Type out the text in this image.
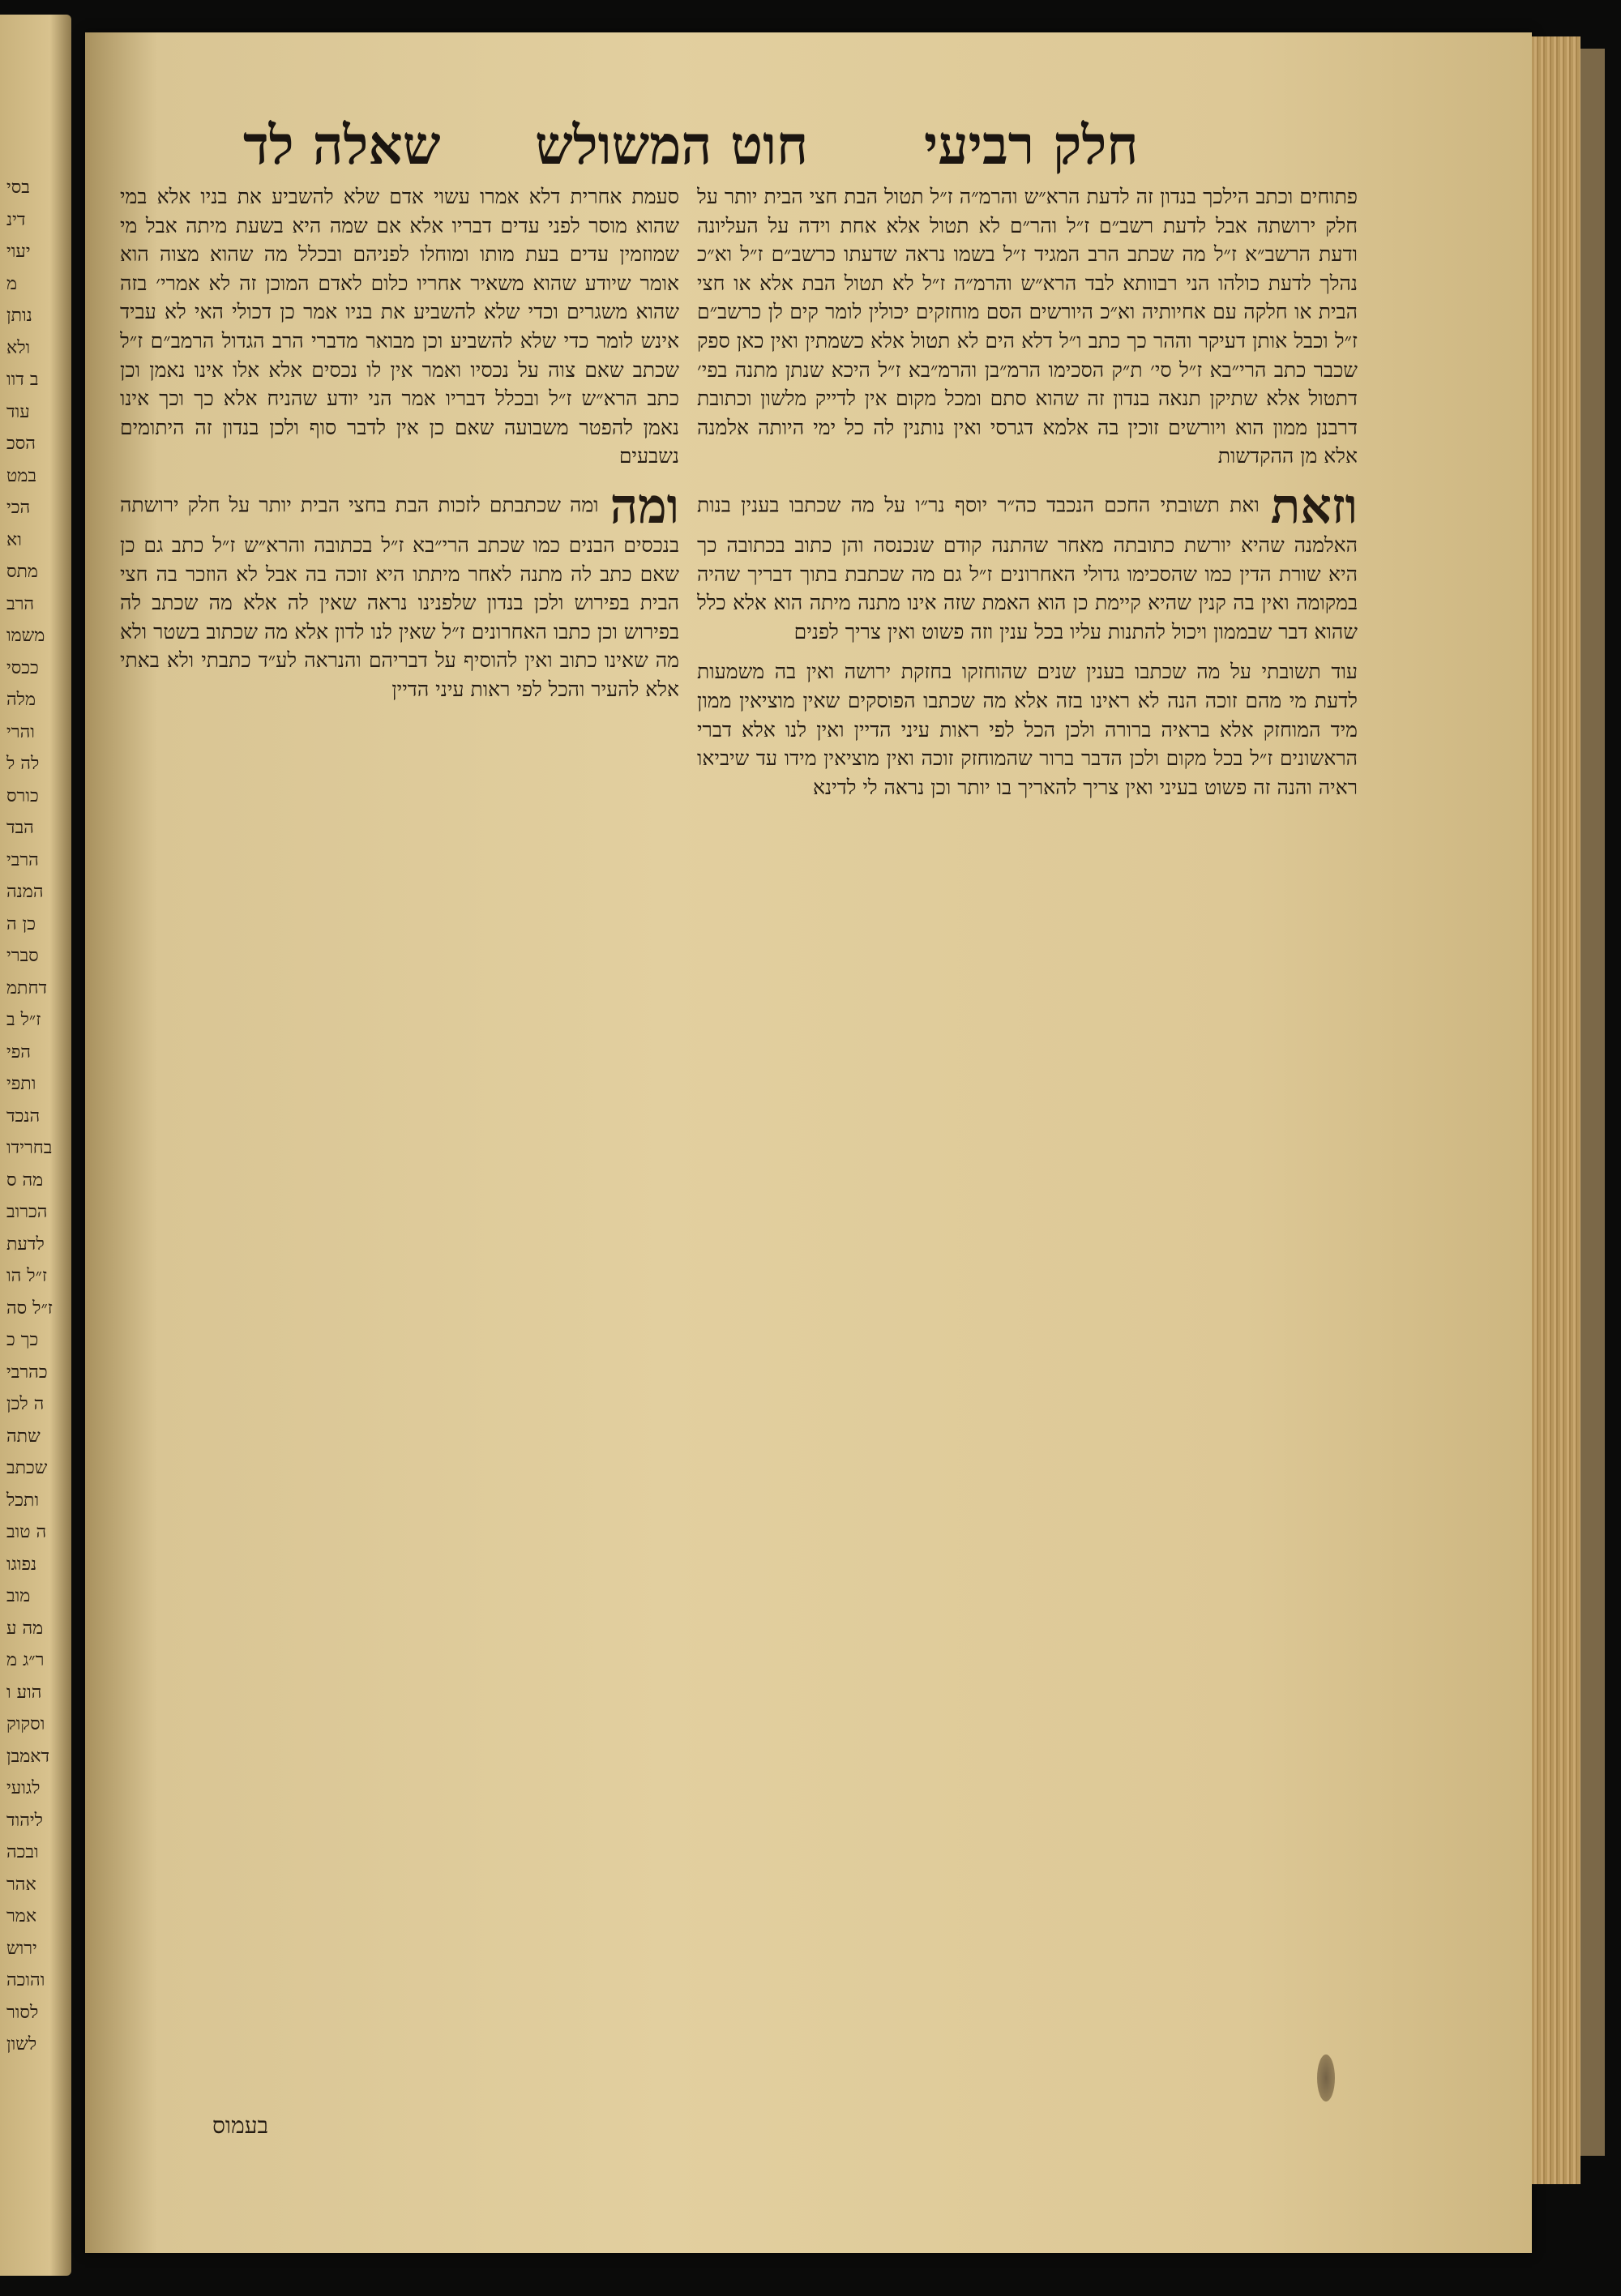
בסי
דינ
יעוי
מ
נותן
ולא
ב דוו
עוד
הסכ
במט
הכי
וא
מתס
הרב
משמו
ככסי
מלה
והרי
לה ל
כורס
הבד
הרבי
המנה
כן ה
סברי
דחתמ
ז״ל ב
הפי
ותפי
הנכד
בחרידו
מה ס
הכרוב
לדעת
ז״ל הו
ז״ל סה
כך כ
כהרבי
ה לכן
שתה
שכתב
ותכל
ה טוב
נפוגו
מוב
מה ע
ר״ג מ
הוע ו
וסקוק
דאמבן
לגועי
ליהוד
ובכה
אהר
אמר
ירוש
והוכה
לסור
לשון
חלק רביעי
חוט המשולש
שאלה לד

פתוחים וכתב הילכך בנדון זה לדעת הרא״ש והרמ״ה ז״ל תטול הבת חצי הבית יותר על חלק ירושתה אבל לדעת רשב״ם ז״ל והר״ם לא תטול אלא אחת וידה על העליונה ודעת הרשב״א ז״ל מה שכתב הרב המגיד ז״ל בשמו נראה שדעתו כרשב״ם ז״ל וא״כ נהלך לדעת כולהו הני רבוותא לבד הרא״ש והרמ״ה ז״ל לא תטול הבת אלא או חצי הבית או חלקה עם אחיותיה וא״כ היורשים הסם מוחזקים יכולין לומר קים לן כרשב״ם ז״ל וכבל אותן דעיקר וההר כך כתב ו״ל דלא הים לא תטול אלא כשמתין ואין כאן ספק שכבר כתב הרי״בא ז״ל סי׳ ת״ק הסכימו הרמ״בן והרמ״בא ז״ל היכא שנתן מתנה בפי׳ דתטול אלא שתיקן תנאה בנדון זה שהוא סתם ומכל מקום אין לדייק מלשון וכתובת דרבנן ממון הוא ויורשים זוכין בה אלמא דגרסי ואין נותנין לה כל ימי היותה אלמנה אלא מן ההקדשות

וזאתואת תשובתי החכם הנכבד כה״ר יוסף נר״ו על מה שכתבו בענין בנות האלמנה שהיא יורשת כתובתה מאחר שהתנה קודם שנכנסה והן כתוב בכתובה כך היא שורת הדין כמו שהסכימו גדולי האחרונים ז״ל גם מה שכתבת בתוך דבריך שהיה במקומה ואין בה קנין שהיא קיימת כן הוא האמת שזה אינו מתנה מיתה הוא אלא כלל שהוא דבר שבממון ויכול להתנות עליו בכל ענין וזה פשוט ואין צריך לפנים

עוד תשובתי על מה שכתבו בענין שנים שהוחזקו בחזקת ירושה ואין בה משמעות לדעת מי מהם זוכה הנה לא ראינו בזה אלא מה שכתבו הפוסקים שאין מוציאין ממון מיד המוחזק אלא בראיה ברורה ולכן הכל לפי ראות עיני הדיין ואין לנו אלא דברי הראשונים ז״ל בכל מקום ולכן הדבר ברור שהמוחזק זוכה ואין מוציאין מידו עד שיביאו ראיה והנה זה פשוט בעיני ואין צריך להאריך בו יותר וכן נראה לי לדינא

סעמת אחרית דלא אמרו עשוי אדם שלא להשביע את בניו אלא במי שהוא מוסר לפני עדים דבריו אלא אם שמה היא בשעת מיתה אבל מי שמוזמין עדים בעת מותו ומוחלו לפניהם ובכלל מה שהוא מצוה הוא אומר שיודע שהוא משאיר אחריו כלום לאדם המוכן זה לא אמרי׳ בזה שהוא משגרים וכדי שלא להשביע את בניו אמר כן דכולי האי לא עביד אינש לומר כדי שלא להשביע וכן מבואר מדברי הרב הגדול הרמב״ם ז״ל שכתב שאם צוה על נכסיו ואמר אין לו נכסים אלא אלו אינו נאמן וכן כתב הרא״ש ז״ל ובכלל דבריו אמר הני יודע שהניח אלא כך וכך אינו נאמן להפטר משבועה שאם כן אין לדבר סוף ולכן בנדון זה היתומים נשבעים

ומהומה שכתבתם לזכות הבת בחצי הבית יותר על חלק ירושתה בנכסים הבנים כמו שכתב הרי״בא ז״ל בכתובה והרא״ש ז״ל כתב גם כן שאם כתב לה מתנה לאחר מיתתו היא זוכה בה אבל לא הוזכר בה חצי הבית בפירוש ולכן בנדון שלפנינו נראה שאין לה אלא מה שכתב לה בפירוש וכן כתבו האחרונים ז״ל שאין לנו לדון אלא מה שכתוב בשטר ולא מה שאינו כתוב ואין להוסיף על דבריהם והנראה לע״ד כתבתי ולא באתי אלא להעיר והכל לפי ראות עיני הדיין

בעמוס
